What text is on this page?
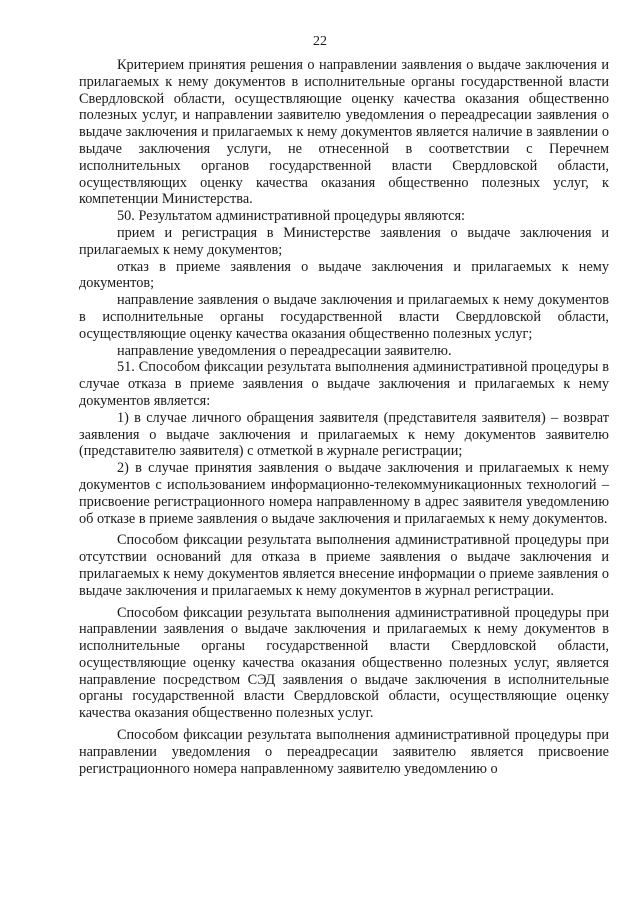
22

Критерием принятия решения о направлении заявления о выдаче заключения и прилагаемых к нему документов в исполнительные органы государственной власти Свердловской области, осуществляющие оценку качества оказания общественно полезных услуг, и направлении заявителю уведомления о переадресации заявления о выдаче заключения и прилагаемых к нему документов является наличие в заявлении о выдаче заключения услуги, не отнесенной в соответствии с Перечнем исполнительных органов государственной власти Свердловской области, осуществляющих оценку качества оказания общественно полезных услуг, к компетенции Министерства.

50. Результатом административной процедуры являются:

прием и регистрация в Министерстве заявления о выдаче заключения и прилагаемых к нему документов;

отказ в приеме заявления о выдаче заключения и прилагаемых к нему документов;

направление заявления о выдаче заключения и прилагаемых к нему документов в исполнительные органы государственной власти Свердловской области, осуществляющие оценку качества оказания общественно полезных услуг;

направление уведомления о переадресации заявителю.

51. Способом фиксации результата выполнения административной процедуры в случае отказа в приеме заявления о выдаче заключения и прилагаемых к нему документов является:

1) в случае личного обращения заявителя (представителя заявителя) – возврат заявления о выдаче заключения и прилагаемых к нему документов заявителю (представителю заявителя) с отметкой в журнале регистрации;

2) в случае принятия заявления о выдаче заключения и прилагаемых к нему документов с использованием информационно-телекоммуникационных технологий – присвоение регистрационного номера направленному в адрес заявителя уведомлению об отказе в приеме заявления о выдаче заключения и прилагаемых к нему документов.

Способом фиксации результата выполнения административной процедуры при отсутствии оснований для отказа в приеме заявления о выдаче заключения и прилагаемых к нему документов является внесение информации о приеме заявления о выдаче заключения и прилагаемых к нему документов в журнал регистрации.

Способом фиксации результата выполнения административной процедуры при направлении заявления о выдаче заключения и прилагаемых к нему документов в исполнительные органы государственной власти Свердловской области, осуществляющие оценку качества оказания общественно полезных услуг, является направление посредством СЭД заявления о выдаче заключения в исполнительные органы государственной власти Свердловской области, осуществляющие оценку качества оказания общественно полезных услуг.

Способом фиксации результата выполнения административной процедуры при направлении уведомления о переадресации заявителю является присвоение регистрационного номера направленному заявителю уведомлению о
